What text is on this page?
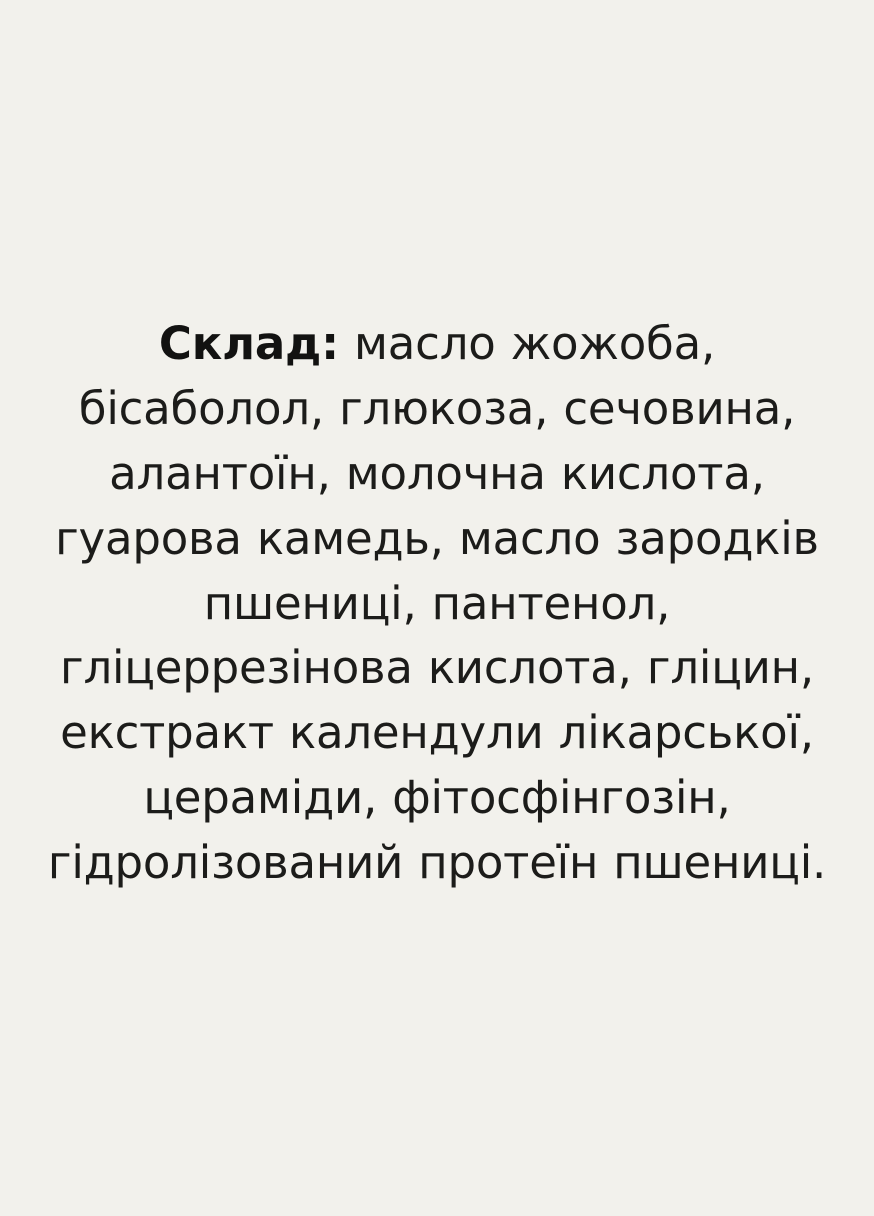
Склад: масло жожоба, бісаболол, глюкоза, сечовина, алантоїн, молочна кислота, гуарова камедь, масло зародків пшениці, пантенол, гліцеррезінова кислота, гліцин, екстракт календули лікарської, цераміди, фітосфінгозін, гідролізований протеїн пшениці.
